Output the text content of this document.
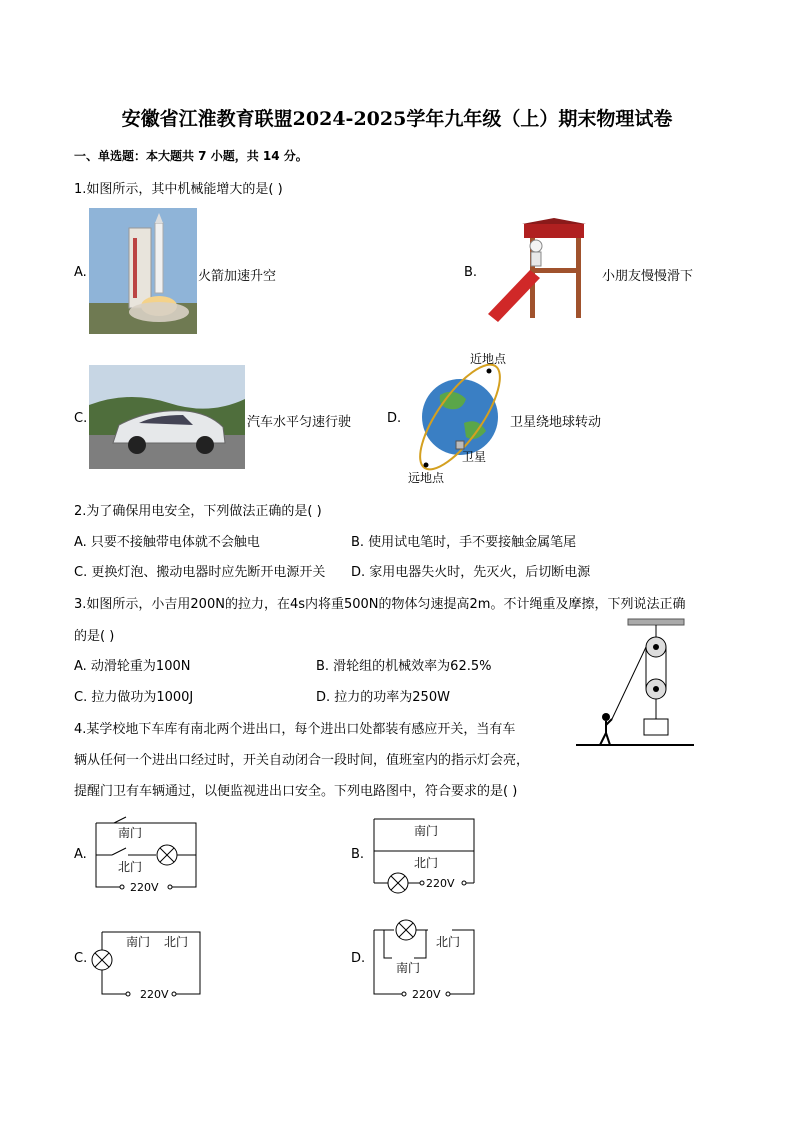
安徽省江淮教育联盟2024-2025学年九年级（上）期末物理试卷
一、单选题：本大题共 7 小题，共 14 分。
1.如图所示，其中机械能增大的是( )
A.	火箭加速升空	B.	小朋友慢慢滑下
C.	汽车水平匀速行驶	D.
近地点
卫星
远地点
卫星绕地球转动
2.为了确保用电安全，下列做法正确的是( )
A. 只要不接触带电体就不会触电	B. 使用试电笔时，手不要接触金属笔尾
C. 更换灯泡、搬动电器时应先断开电源开关 D. 家用电器失火时，先灭火，后切断电源
3.如图所示，小吉用200N的拉力，在4s内将重500N的物体匀速提高2m。不计绳重及摩擦，下列说法正确
的是( )
A. 动滑轮重为100N	B. 滑轮组的机械效率为62.5%
C. 拉力做功为1000J	D. 拉力的功率为250W
4.某学校地下车库有南北两个进出口，每个进出口处都装有感应开关，当有车
辆从任何一个进出口经过时，开关自动闭合一段时间，值班室内的指示灯会亮，
提醒门卫有车辆通过，以便监视进出口安全。下列电路图中，符合要求的是( )
A.
南门
北门
220V
B.
南门
北门
220V
C.
南门 北门
220V
D.
北门
南门
220V
